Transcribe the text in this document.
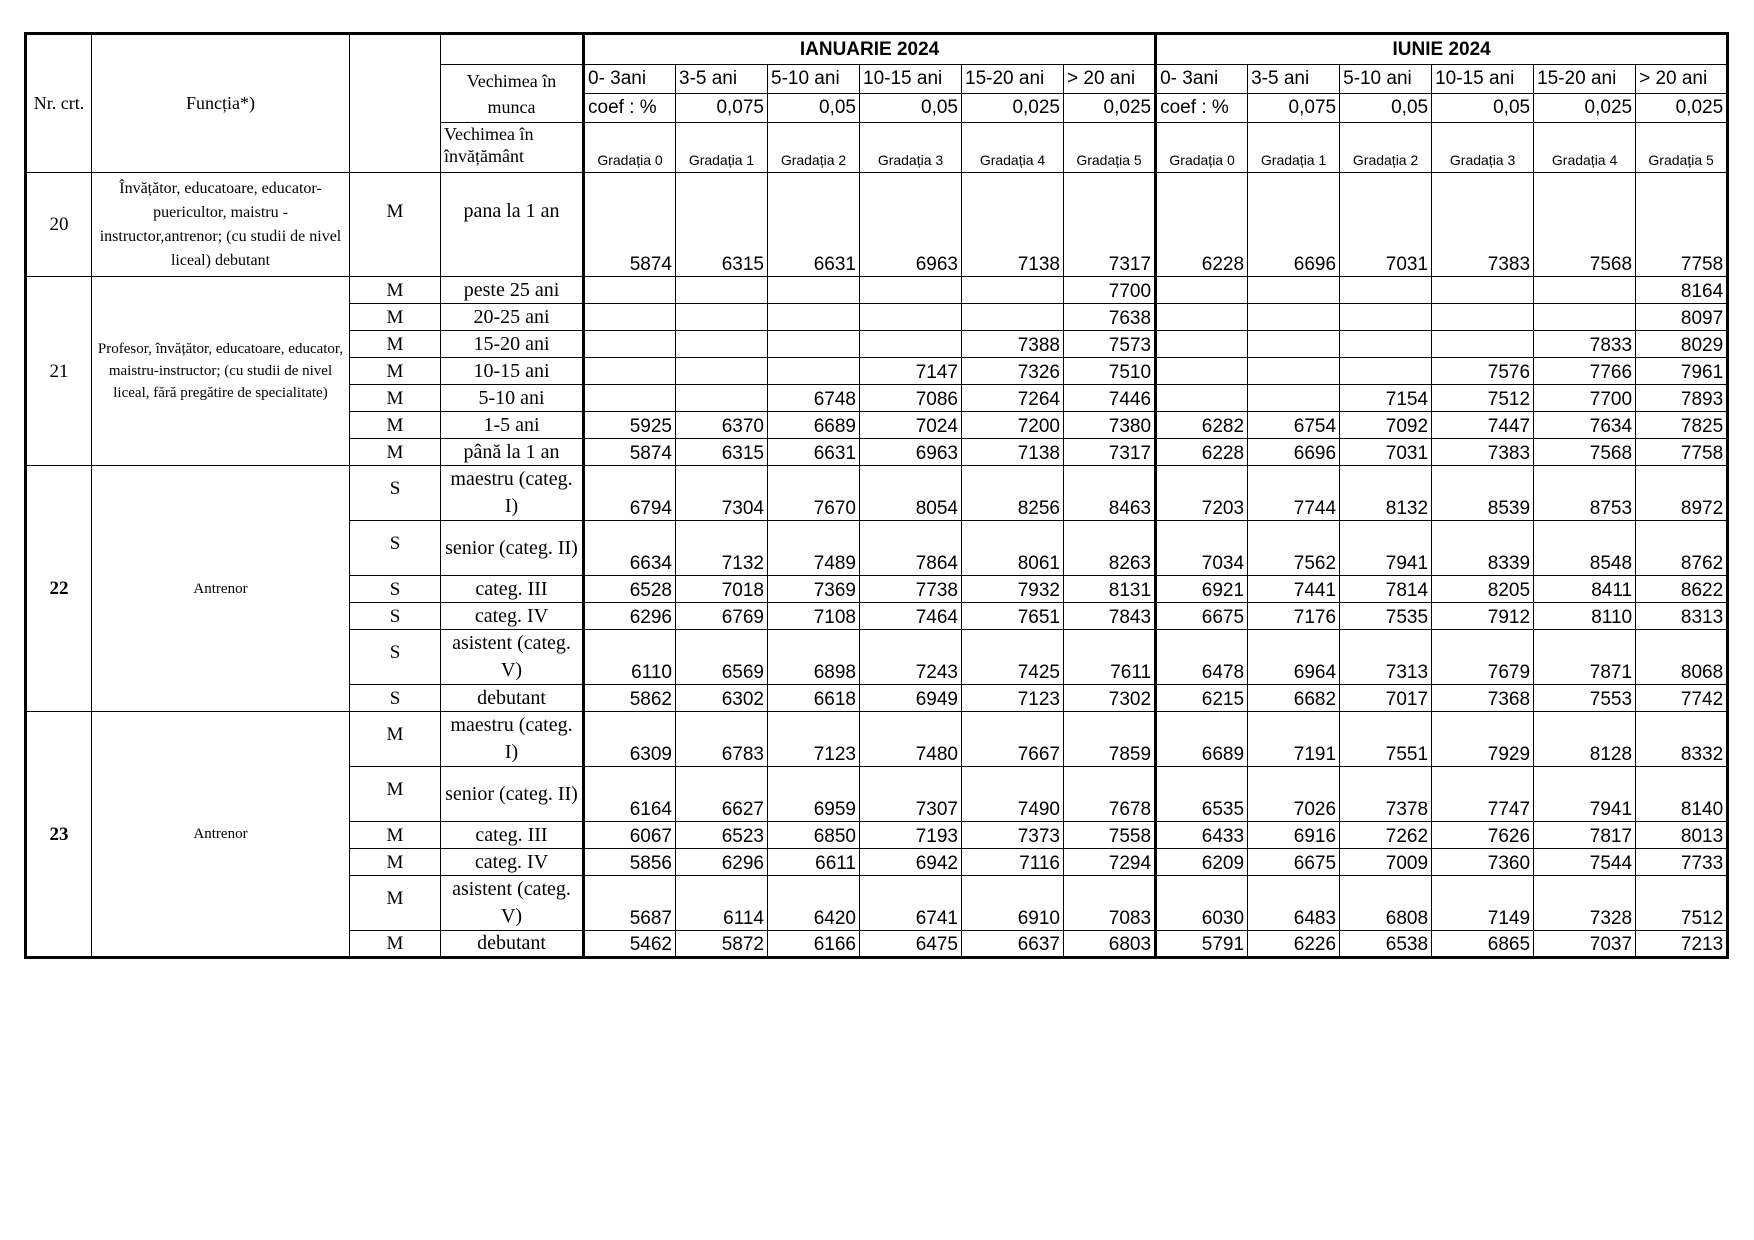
Nr. crt.	Funcția*)			IANUARIE 2024						IUNIE 2024					
			Vechimea în munca	0- 3ani	3-5 ani	5-10 ani	10-15 ani	15-20 ani	> 20 ani	0- 3ani	3-5 ani	5-10 ani	10-15 ani	15-20 ani	> 20 ani
				coef : %	0,075	0,05	0,05	0,025	0,025	coef : %	0,075	0,05	0,05	0,025	0,025
			Vechimea în învățământ	Gradația 0	Gradația 1	Gradația 2	Gradația 3	Gradația 4	Gradația 5	Gradația 0	Gradația 1	Gradația 2	Gradația 3	Gradația 4	Gradația 5
20	Învățător, educatoare, educator-puericultor, maistru - instructor,antrenor; (cu studii de nivel liceal) debutant	M	pana la 1 an	5874	6315	6631	6963	7138	7317	6228	6696	7031	7383	7568	7758
21	Profesor, învățător, educatoare, educator, maistru-instructor; (cu studii de nivel liceal, fără pregătire de specialitate)	M	peste 25 ani						7700						8164
		M	20-25 ani						7638						8097
		M	15-20 ani					7388	7573					7833	8029
		M	10-15 ani				7147	7326	7510				7576	7766	7961
		M	5-10 ani			6748	7086	7264	7446			7154	7512	7700	7893
		M	1-5 ani	5925	6370	6689	7024	7200	7380	6282	6754	7092	7447	7634	7825
		M	până la 1 an	5874	6315	6631	6963	7138	7317	6228	6696	7031	7383	7568	7758
22	Antrenor	S	maestru (categ. I)	6794	7304	7670	8054	8256	8463	7203	7744	8132	8539	8753	8972
		S	senior (categ. II)	6634	7132	7489	7864	8061	8263	7034	7562	7941	8339	8548	8762
		S	categ. III	6528	7018	7369	7738	7932	8131	6921	7441	7814	8205	8411	8622
		S	categ. IV	6296	6769	7108	7464	7651	7843	6675	7176	7535	7912	8110	8313
		S	asistent (categ. V)	6110	6569	6898	7243	7425	7611	6478	6964	7313	7679	7871	8068
		S	debutant	5862	6302	6618	6949	7123	7302	6215	6682	7017	7368	7553	7742
23	Antrenor	M	maestru (categ. I)	6309	6783	7123	7480	7667	7859	6689	7191	7551	7929	8128	8332
		M	senior (categ. II)	6164	6627	6959	7307	7490	7678	6535	7026	7378	7747	7941	8140
		M	categ. III	6067	6523	6850	7193	7373	7558	6433	6916	7262	7626	7817	8013
		M	categ. IV	5856	6296	6611	6942	7116	7294	6209	6675	7009	7360	7544	7733
		M	asistent (categ. V)	5687	6114	6420	6741	6910	7083	6030	6483	6808	7149	7328	7512
		M	debutant	5462	5872	6166	6475	6637	6803	5791	6226	6538	6865	7037	7213
